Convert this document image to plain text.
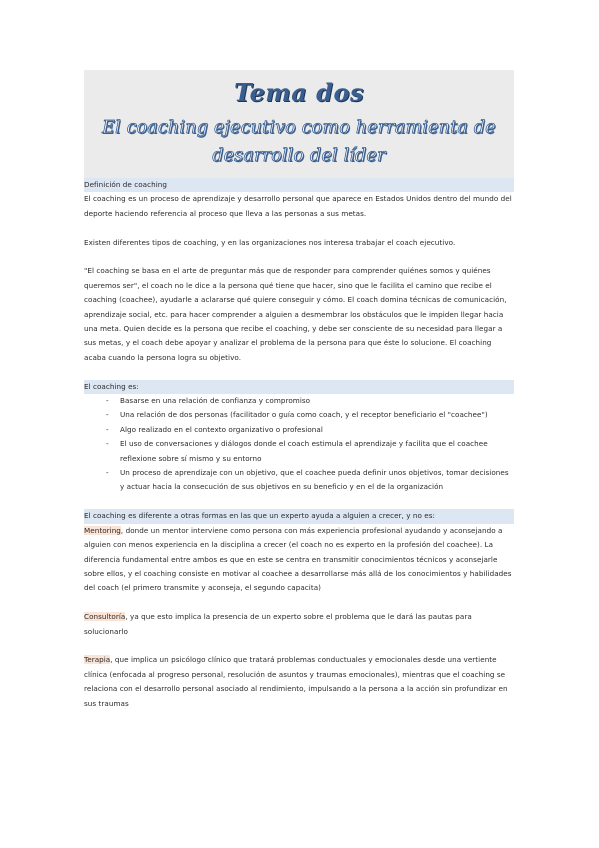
Tema dos
El coaching ejecutivo como herramienta de
desarrollo del líder
Definición de coaching
El coaching es un proceso de aprendizaje y desarrollo personal que aparece en Estados Unidos dentro del mundo del deporte haciendo referencia al proceso que lleva a las personas a sus metas.
Existen diferentes tipos de coaching, y en las organizaciones nos interesa trabajar el coach ejecutivo.
"El coaching se basa en el arte de preguntar más que de responder para comprender quiénes somos y quiénes queremos ser", el coach no le dice a la persona qué tiene que hacer, sino que le facilita el camino que recibe el coaching (coachee), ayudarle a aclararse qué quiere conseguir y cómo. El coach domina técnicas de comunicación, aprendizaje social, etc. para hacer comprender a alguien a desmembrar los obstáculos que le impiden llegar hacia una meta. Quien decide es la persona que recibe el coaching, y debe ser consciente de su necesidad para llegar a sus metas, y el coach debe apoyar y analizar el problema de la persona para que éste lo solucione. El coaching acaba cuando la persona logra su objetivo.
El coaching es:
- Basarse en una relación de confianza y compromiso
- Una relación de dos personas (facilitador o guía como coach, y el receptor beneficiario el "coachee")
- Algo realizado en el contexto organizativo o profesional
- El uso de conversaciones y diálogos donde el coach estimula el aprendizaje y facilita que el coachee reflexione sobre sí mismo y su entorno
- Un proceso de aprendizaje con un objetivo, que el coachee pueda definir unos objetivos, tomar decisiones y actuar hacia la consecución de sus objetivos en su beneficio y en el de la organización
El coaching es diferente a otras formas en las que un experto ayuda a alguien a crecer, y no es:
Mentoring, donde un mentor interviene como persona con más experiencia profesional ayudando y aconsejando a alguien con menos experiencia en la disciplina a crecer (el coach no es experto en la profesión del coachee). La diferencia fundamental entre ambos es que en este se centra en transmitir conocimientos técnicos y aconsejarle sobre ellos, y el coaching consiste en motivar al coachee a desarrollarse más allá de los conocimientos y habilidades del coach (el primero transmite y aconseja, el segundo capacita)
Consultoría, ya que esto implica la presencia de un experto sobre el problema que le dará las pautas para solucionarlo
Terapia, que implica un psicólogo clínico que tratará problemas conductuales y emocionales desde una vertiente clínica (enfocada al progreso personal, resolución de asuntos y traumas emocionales), mientras que el coaching se relaciona con el desarrollo personal asociado al rendimiento, impulsando a la persona a la acción sin profundizar en sus traumas
